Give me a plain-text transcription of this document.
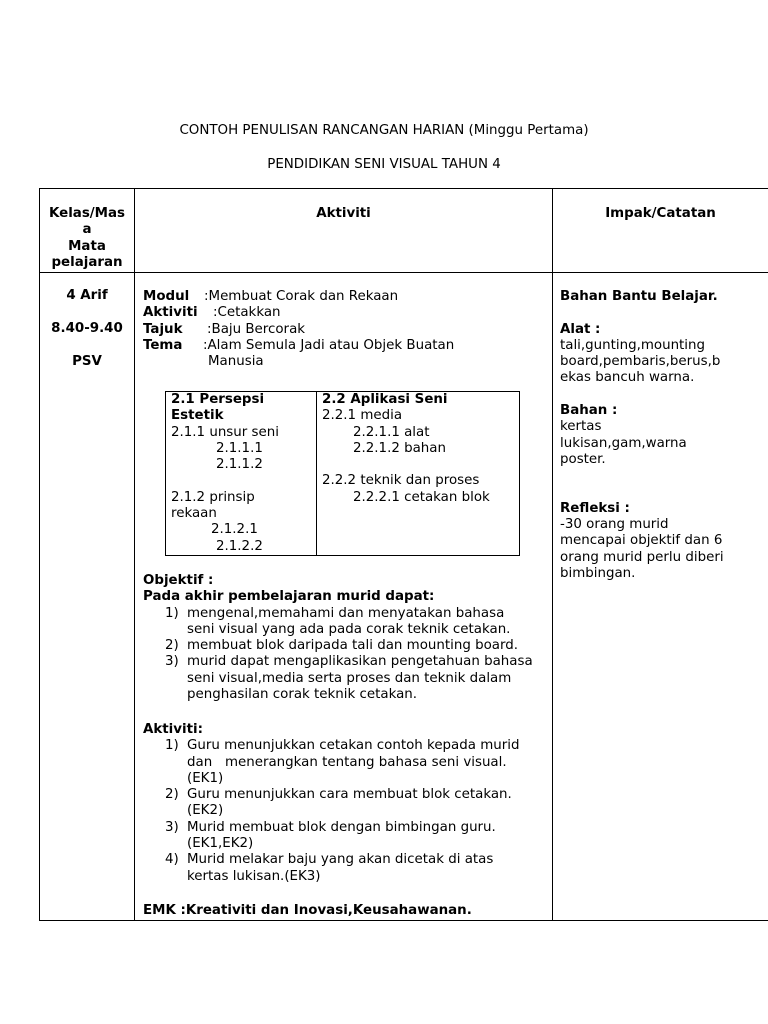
CONTOH PENULISAN RANCANGAN HARIAN (Minggu Pertama)
PENDIDIKAN SENI VISUAL TAHUN 4
Kelas/Mas
a
Mata
pelajaran
Aktiviti	Impak/Catatan
4 Arif
8.40-9.40
PSV
Modul :Membuat Corak dan Rekaan
Aktiviti :Cetakkan
Tajuk :Baju Bercorak
Tema :Alam Semula Jadi atau Objek Buatan
Manusia
2.1 Persepsi
Estetik
2.1.1 unsur seni
2.1.1.1
2.1.1.2
2.1.2 prinsip
rekaan
2.1.2.1
2.1.2.2
2.2 Aplikasi Seni
2.2.1 media
2.2.1.1 alat
2.2.1.2 bahan
2.2.2 teknik dan proses
2.2.2.1 cetakan blok
Objektif :
Pada akhir pembelajaran murid dapat:
1) mengenal,memahami dan menyatakan bahasa
seni visual yang ada pada corak teknik cetakan.
2) membuat blok daripada tali dan mounting board.
3) murid dapat mengaplikasikan pengetahuan bahasa
seni visual,media serta proses dan teknik dalam
penghasilan corak teknik cetakan.
Aktiviti:
1) Guru menunjukkan cetakan contoh kepada murid
dan   menerangkan tentang bahasa seni visual.
(EK1)
2) Guru menunjukkan cara membuat blok cetakan.
(EK2)
3) Murid membuat blok dengan bimbingan guru.
(EK1,EK2)
4) Murid melakar baju yang akan dicetak di atas
kertas lukisan.(EK3)
EMK :Kreativiti dan Inovasi,Keusahawanan.
Bahan Bantu Belajar.
Alat :
tali,gunting,mounting
board,pembaris,berus,b
ekas bancuh warna.
Bahan :
kertas
lukisan,gam,warna
poster.
Refleksi :
-30 orang murid
mencapai objektif dan 6
orang murid perlu diberi
bimbingan.
